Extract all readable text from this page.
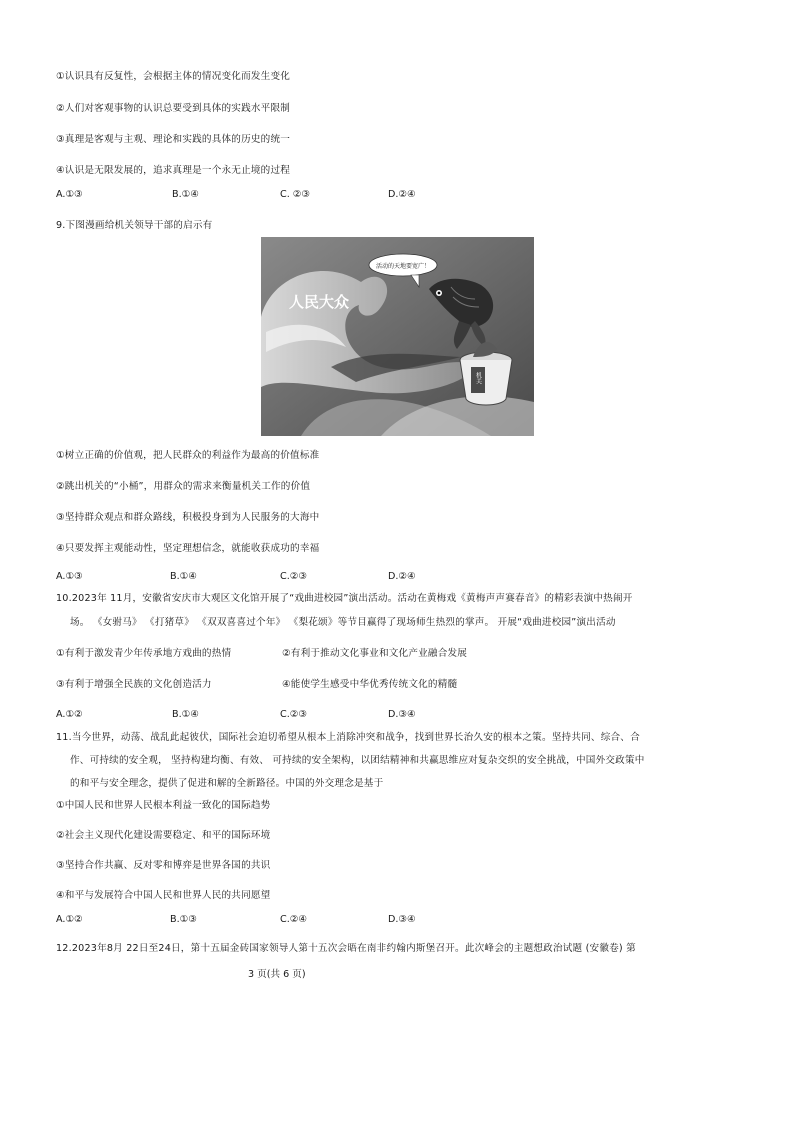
①认识具有反复性，会根据主体的情况变化而发生变化
②人们对客观事物的认识总要受到具体的实践水平限制
③真理是客观与主观、理论和实践的具体的历史的统一
④认识是无限发展的，追求真理是一个永无止境的过程
A.①③	B.①④	C. ②③	D.②④
9.下图漫画给机关领导干部的启示有
人民大众
活动的天地要宽广！
机关
①树立正确的价值观，把人民群众的利益作为最高的价值标准
②跳出机关的“小桶”，用群众的需求来衡量机关工作的价值
③坚持群众观点和群众路线，积极投身到为人民服务的大海中
④只要发挥主观能动性，坚定理想信念，就能收获成功的幸福
A.①③	B.①④	C.②③	D.②④
10.2023年 11月，安徽省安庆市大观区文化馆开展了“戏曲进校园”演出活动。活动在黄梅戏《黄梅声声赛春音》的精彩表演中热闹开
场。 《女驸马》 《打猪草》 《双双喜喜过个年》 《梨花颂》等节目赢得了现场师生热烈的掌声。 开展“戏曲进校园”演出活动
①有利于激发青少年传承地方戏曲的热情	②有利于推动文化事业和文化产业融合发展
③有利于增强全民族的文化创造活力	④能使学生感受中华优秀传统文化的精髓
A.①②	B.①④	C.②③	D.③④
11.当今世界，动荡、战乱此起彼伏，国际社会迫切希望从根本上消除冲突和战争，找到世界长治久安的根本之策。坚持共同、综合、合
作、可持续的安全观， 坚持构建均衡、有效、 可持续的安全架构，以团结精神和共赢思维应对复杂交织的安全挑战，中国外交政策中
的和平与安全理念，提供了促进和解的全新路径。中国的外交理念是基于
①中国人民和世界人民根本利益一致化的国际趋势
②社会主义现代化建设需要稳定、和平的国际环境
③坚持合作共赢、反对零和博弈是世界各国的共识
④和平与发展符合中国人民和世界人民的共同愿望
A.①②	B.①③	C.②④	D.③④
12.2023年8月 22日至24日，第十五届金砖国家领导人第十五次会晤在南非约翰内斯堡召开。此次峰会的主题想政治试题 (安徽卷) 第
3 页(共 6 页)
